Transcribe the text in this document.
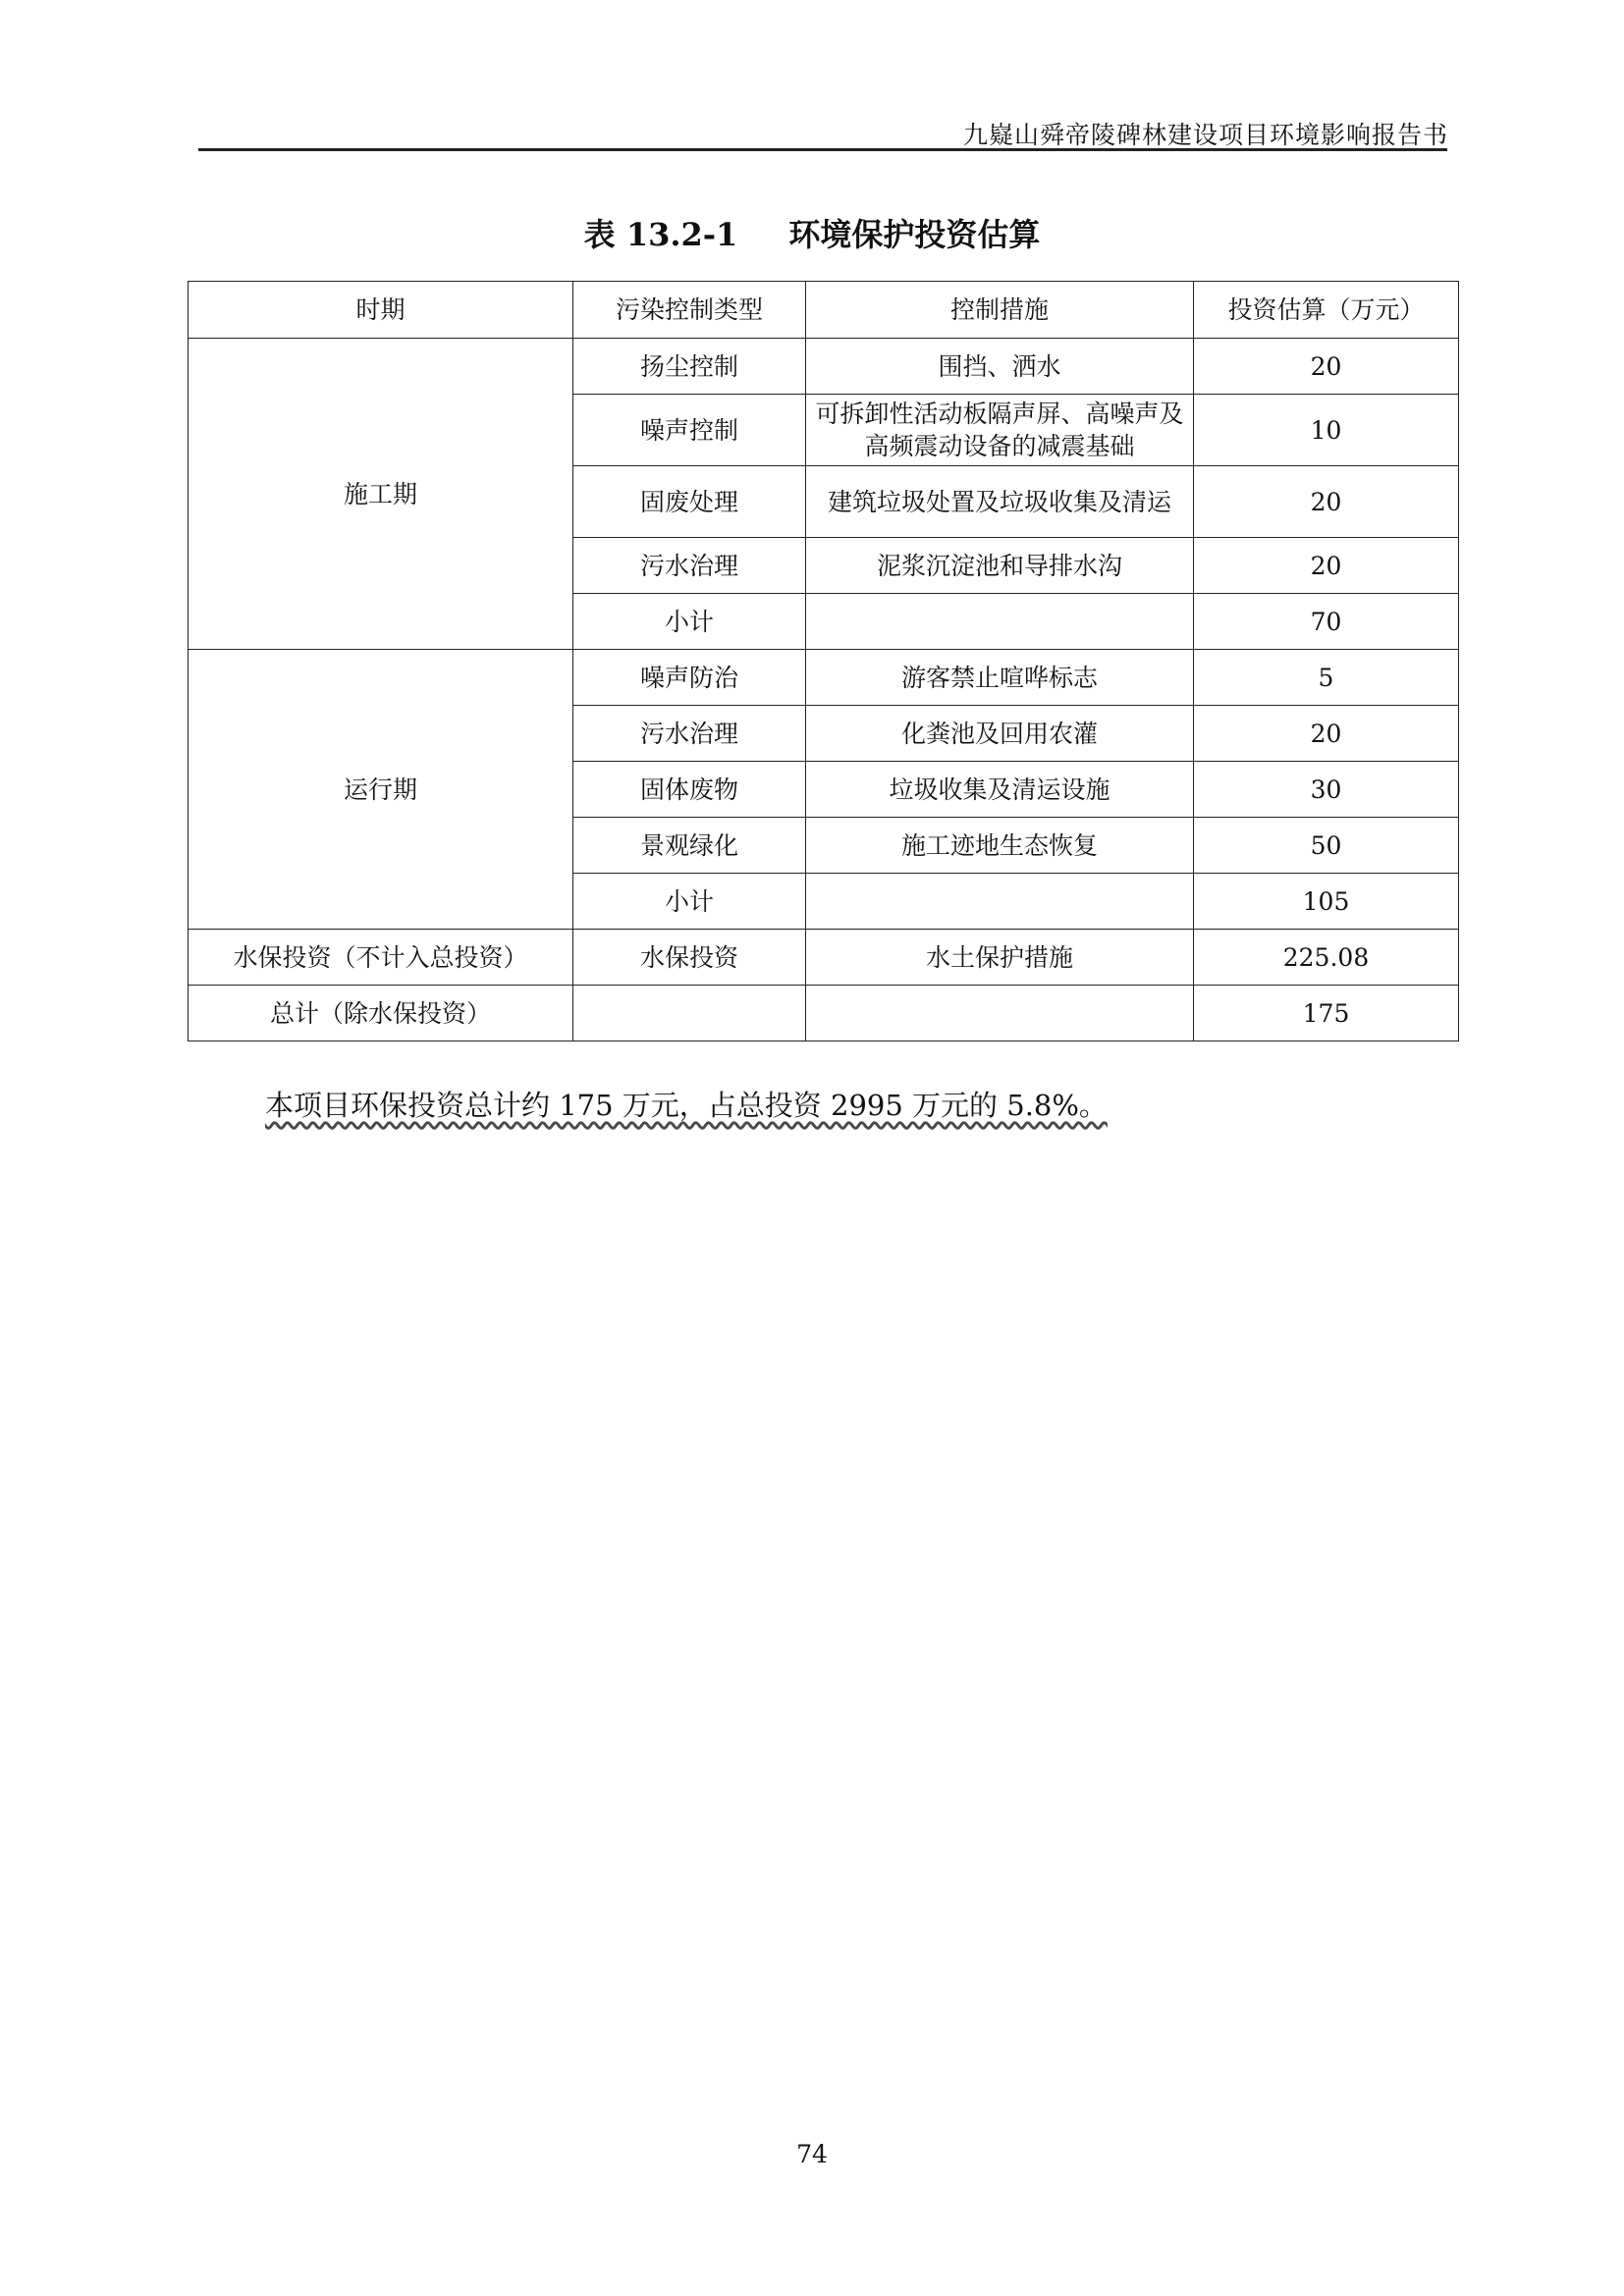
九嶷山舜帝陵碑林建设项目环境影响报告书
表 13.2-1 环境保护投资估算
时期	污染控制类型	控制措施	投资估算（万元）
施工期	扬尘控制	围挡、洒水	20
	噪声控制	可拆卸性活动板隔声屏、高噪声及高频震动设备的减震基础	10
	固废处理	建筑垃圾处置及垃圾收集及清运	20
	污水治理	泥浆沉淀池和导排水沟	20
	小计		70
运行期	噪声防治	游客禁止喧哗标志	5
	污水治理	化粪池及回用农灌	20
	固体废物	垃圾收集及清运设施	30
	景观绿化	施工迹地生态恢复	50
	小计		105
水保投资（不计入总投资）	水保投资	水土保护措施	225.08
总计（除水保投资）			175
本项目环保投资总计约 175 万元，占总投资 2995 万元的 5.8%。
74
